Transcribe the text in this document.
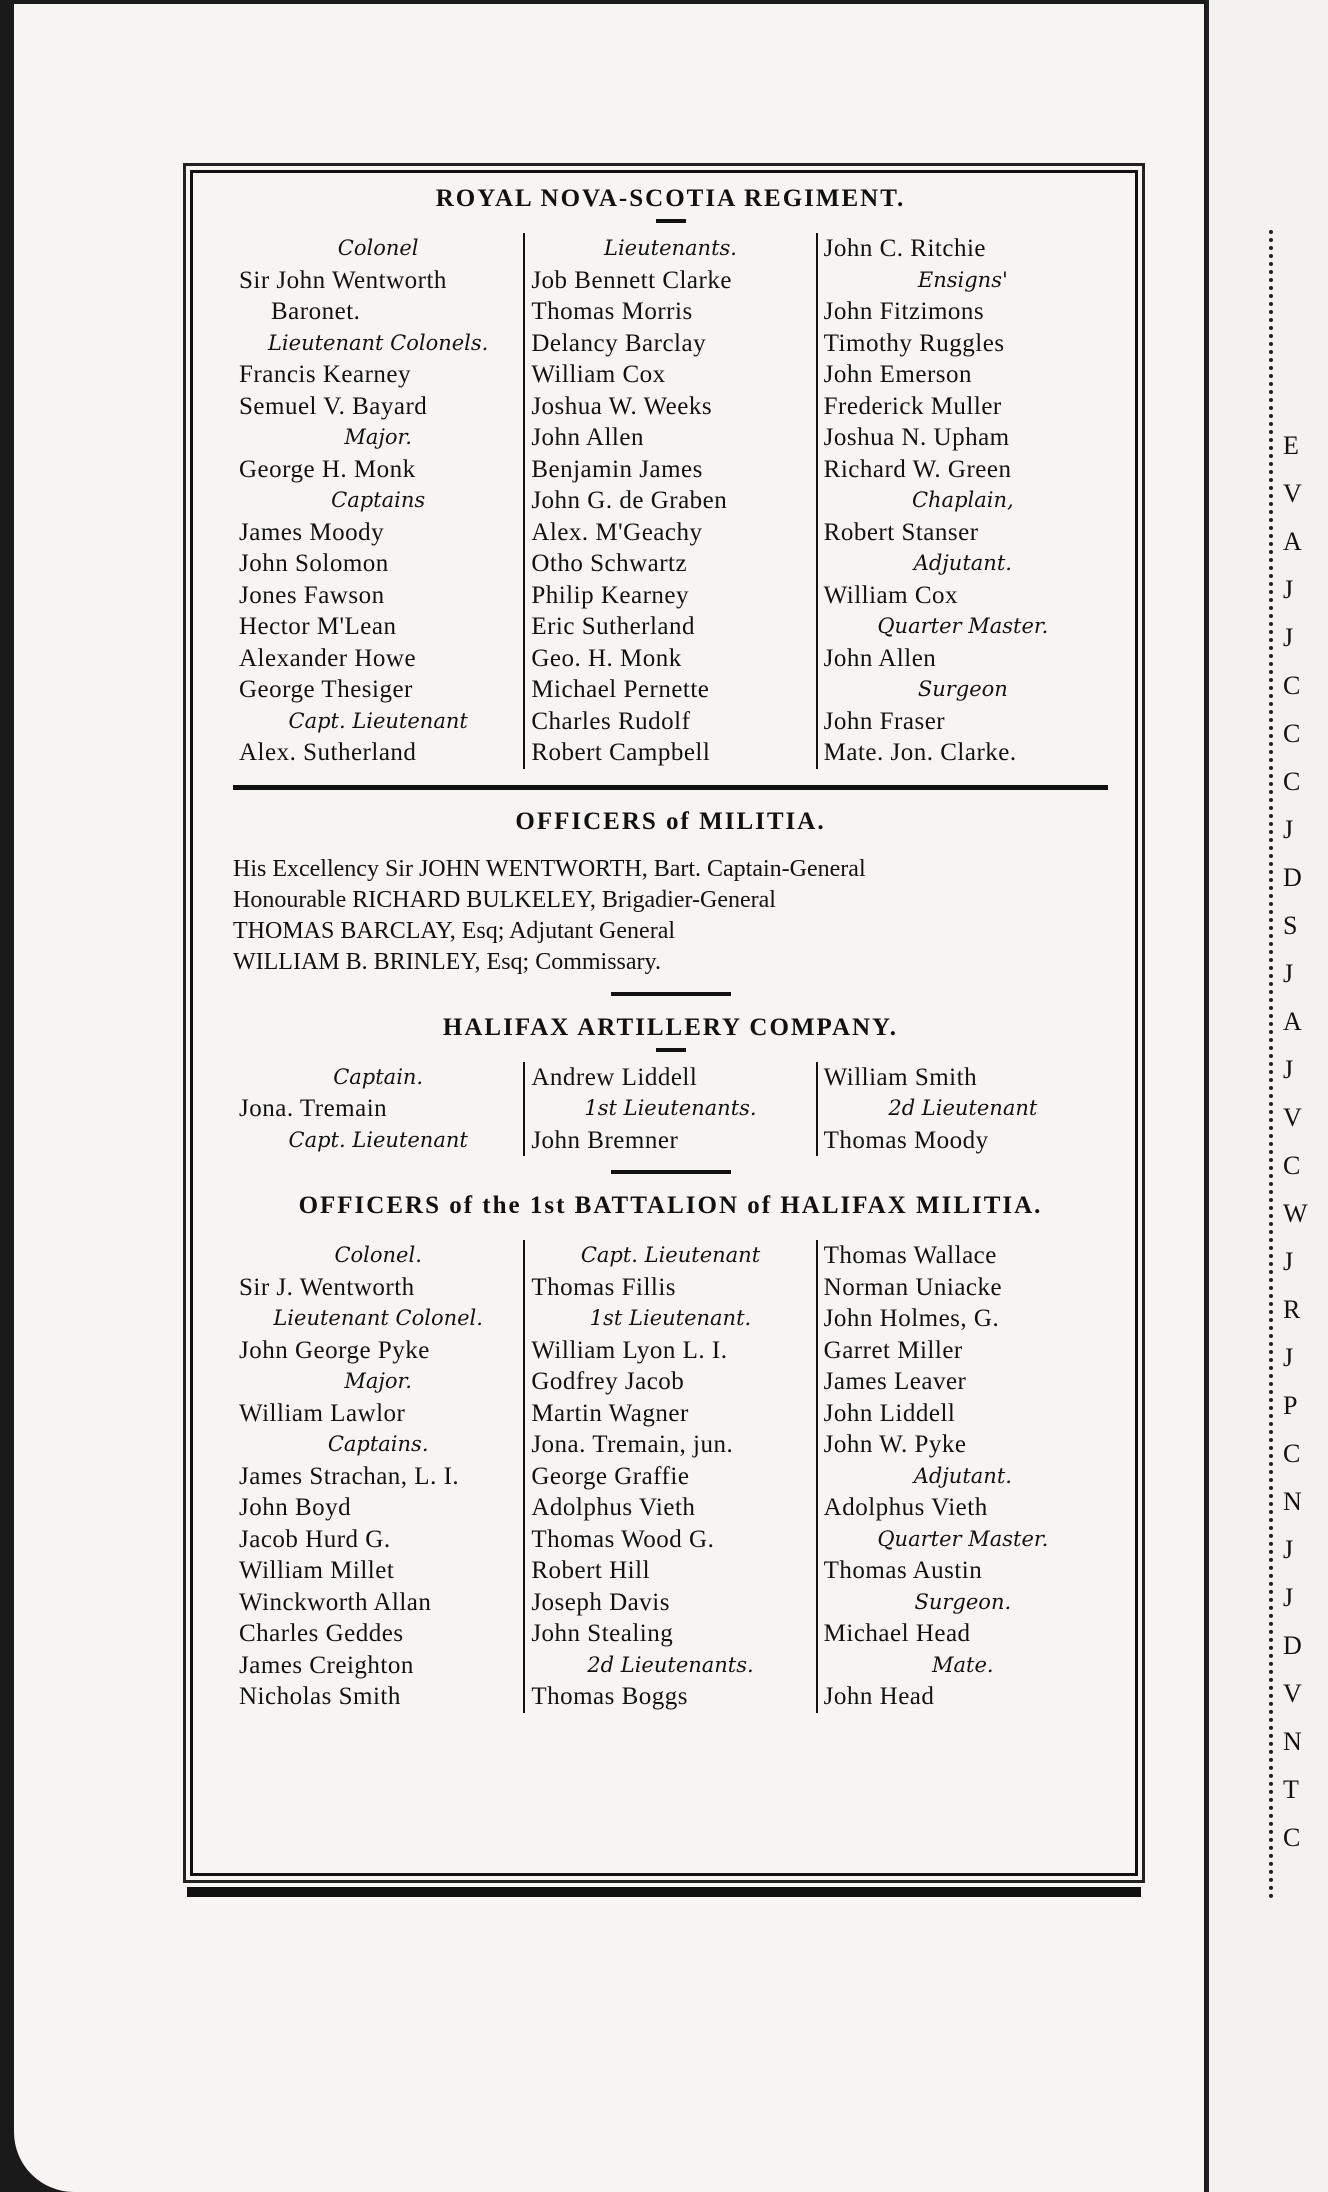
E
V
A
J
J
C
C
C
J
D
S
J
A
J
V
C
W
J
R
J
P
C
N
J
J
D
V
N
T
C
ROYAL NOVA-SCOTIA REGIMENT.
Colonel
Sir John Wentworth
Baronet.
Lieutenant Colonels.
Francis Kearney
Semuel V. Bayard
Major.
George H. Monk
Captains
James Moody
John Solomon
Jones Fawson
Hector M'Lean
Alexander Howe
George Thesiger
Capt. Lieutenant
Alex. Sutherland
Lieutenants.
Job Bennett Clarke
Thomas Morris
Delancy Barclay
William Cox
Joshua W. Weeks
John Allen
Benjamin James
John G. de Graben
Alex. M'Geachy
Otho Schwartz
Philip Kearney
Eric Sutherland
Geo. H. Monk
Michael Pernette
Charles Rudolf
Robert Campbell
John C. Ritchie
Ensigns'
John Fitzimons
Timothy Ruggles
John Emerson
Frederick Muller
Joshua N. Upham
Richard W. Green
Chaplain,
Robert Stanser
Adjutant.
William Cox
Quarter Master.
John Allen
Surgeon
John Fraser
Mate. Jon. Clarke.
OFFICERS of MILITIA.
His Excellency Sir JOHN WENTWORTH, Bart. Captain-General
Honourable RICHARD BULKELEY, Brigadier-General
THOMAS BARCLAY, Esq; Adjutant General
WILLIAM B. BRINLEY, Esq; Commissary.
HALIFAX ARTILLERY COMPANY.
Captain.
Jona. Tremain
Capt. Lieutenant
Andrew Liddell
1st Lieutenants.
John Bremner
William Smith
2d Lieutenant
Thomas Moody
OFFICERS of the 1st BATTALION of HALIFAX MILITIA.
Colonel.
Sir J. Wentworth
Lieutenant Colonel.
John George Pyke
Major.
William Lawlor
Captains.
James Strachan, L. I.
John Boyd
Jacob Hurd G.
William Millet
Winckworth Allan
Charles Geddes
James Creighton
Nicholas Smith
Capt. Lieutenant
Thomas Fillis
1st Lieutenant.
William Lyon L. I.
Godfrey Jacob
Martin Wagner
Jona. Tremain, jun.
George Graffie
Adolphus Vieth
Thomas Wood G.
Robert Hill
Joseph Davis
John Stealing
2d Lieutenants.
Thomas Boggs
Thomas Wallace
Norman Uniacke
John Holmes, G.
Garret Miller
James Leaver
John Liddell
John W. Pyke
Adjutant.
Adolphus Vieth
Quarter Master.
Thomas Austin
Surgeon.
Michael Head
Mate.
John Head
